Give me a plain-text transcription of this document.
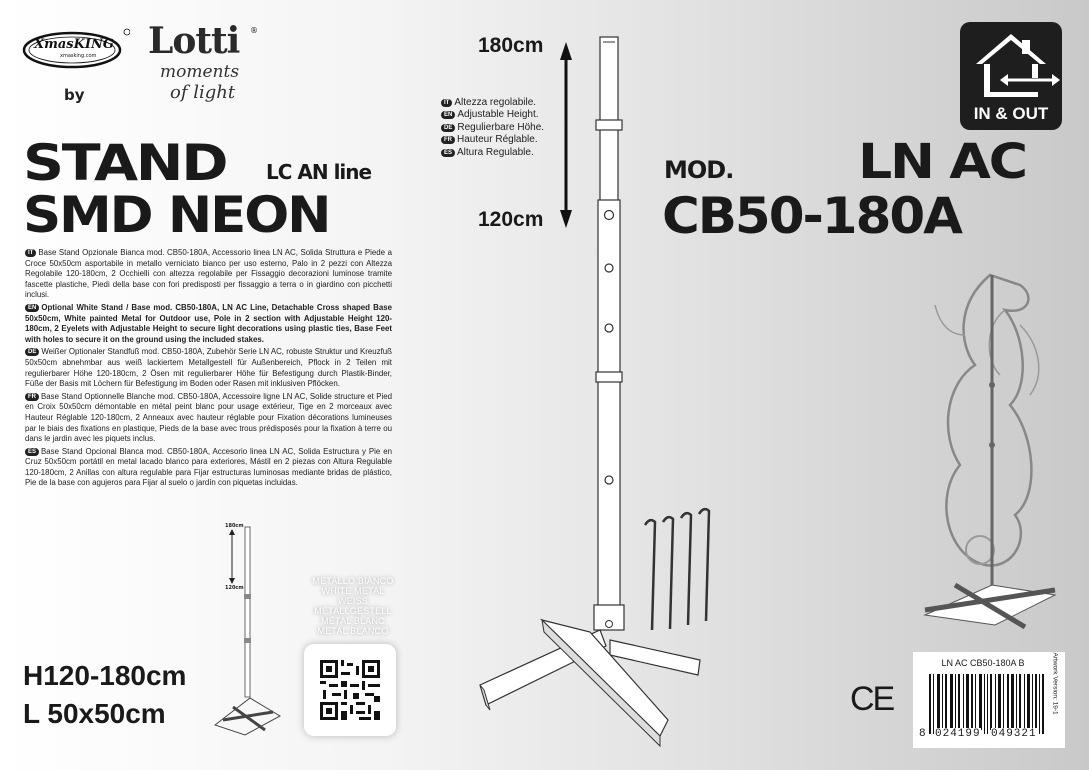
XmasKING
xmasking.com
by
Lotti ®
moments
of light
STAND LC AN line
SMD NEON

IT Base Stand Opzionale Bianca mod. CB50-180A, Accessorio linea LN AC, Solida Struttura e Piede a Croce 50x50cm asportabile in metallo verniciato bianco per uso esterno, Palo in 2 pezzi con Altezza Regolabile 120-180cm, 2 Occhielli con altezza regolabile per Fissaggio decorazioni luminose tramite fascette plastiche, Piedi della base con fori predisposti per fissaggio a terra o in giardino con picchetti inclusi.

EN Optional White Stand / Base mod. CB50-180A, LN AC Line, Detachable Cross shaped Base 50x50cm, White painted Metal for Outdoor use, Pole in 2 section with Adjustable Height 120-180cm, 2 Eyelets with Adjustable Height to secure light decorations using plastic ties, Base Feet with holes to secure it on the ground using the included stakes.

DE Weißer Optionaler Standfuß mod. CB50-180A, Zubehör Serie LN AC, robuste Struktur und Kreuzfuß 50x50cm abnehmbar aus weiß lackiertem Metallgestell für Außenbereich, Pflock in 2 Teilen mit regulierbarer Höhe 120-180cm, 2 Ösen mit regulierbarer Höhe für Befestigung durch Plastik-Binder, Füße der Basis mit Löchern für Befestigung im Boden oder Rasen mit inklusiven Pflöcken.

FR Base Stand Optionnelle Blanche mod. CB50-180A, Accessoire ligne LN AC, Solide structure et Pied en Croix 50x50cm démontable en métal peint blanc pour usage extérieur, Tige en 2 morceaux avec Hauteur Réglable 120-180cm, 2 Anneaux avec hauteur réglable pour Fixation décorations lumineuses par le biais des fixations en plastique, Pieds de la base avec trous prédisposés pour la fixation à terre ou dans le jardin avec les piquets inclus.

ES Base Stand Opcional Blanca mod. CB50-180A, Accesorio linea LN AC, Solida Estructura y Pie en Cruz 50x50cm portátil en metal lacado blanco para exteriores, Mástil en 2 piezas con Altura Regulable 120-180cm, 2 Anillas con altura regulable para Fijar estructuras luminosas mediante bridas de plástico, Pie de la base con agujeros para Fijar al suelo o jardín con piquetas incluidas.

180cm
120cm
H120-180cm
L 50x50cm
METALLO BIANCO
WHITE METAL
WEISS METALLGESTELL
MÉTAL BLANC
METAL BLANCO
180cm
120cm
IT Altezza regolabile.
EN Adjustable Height.
DE Regulierbare Höhe.
FR Hauteur Réglable.
ES Altura Regulable.
MOD.	LN AC
CB50-180A
IN & OUT
CE
LN AC CB50-180A B
8 024199 049321
Artwork Version: 19-1
